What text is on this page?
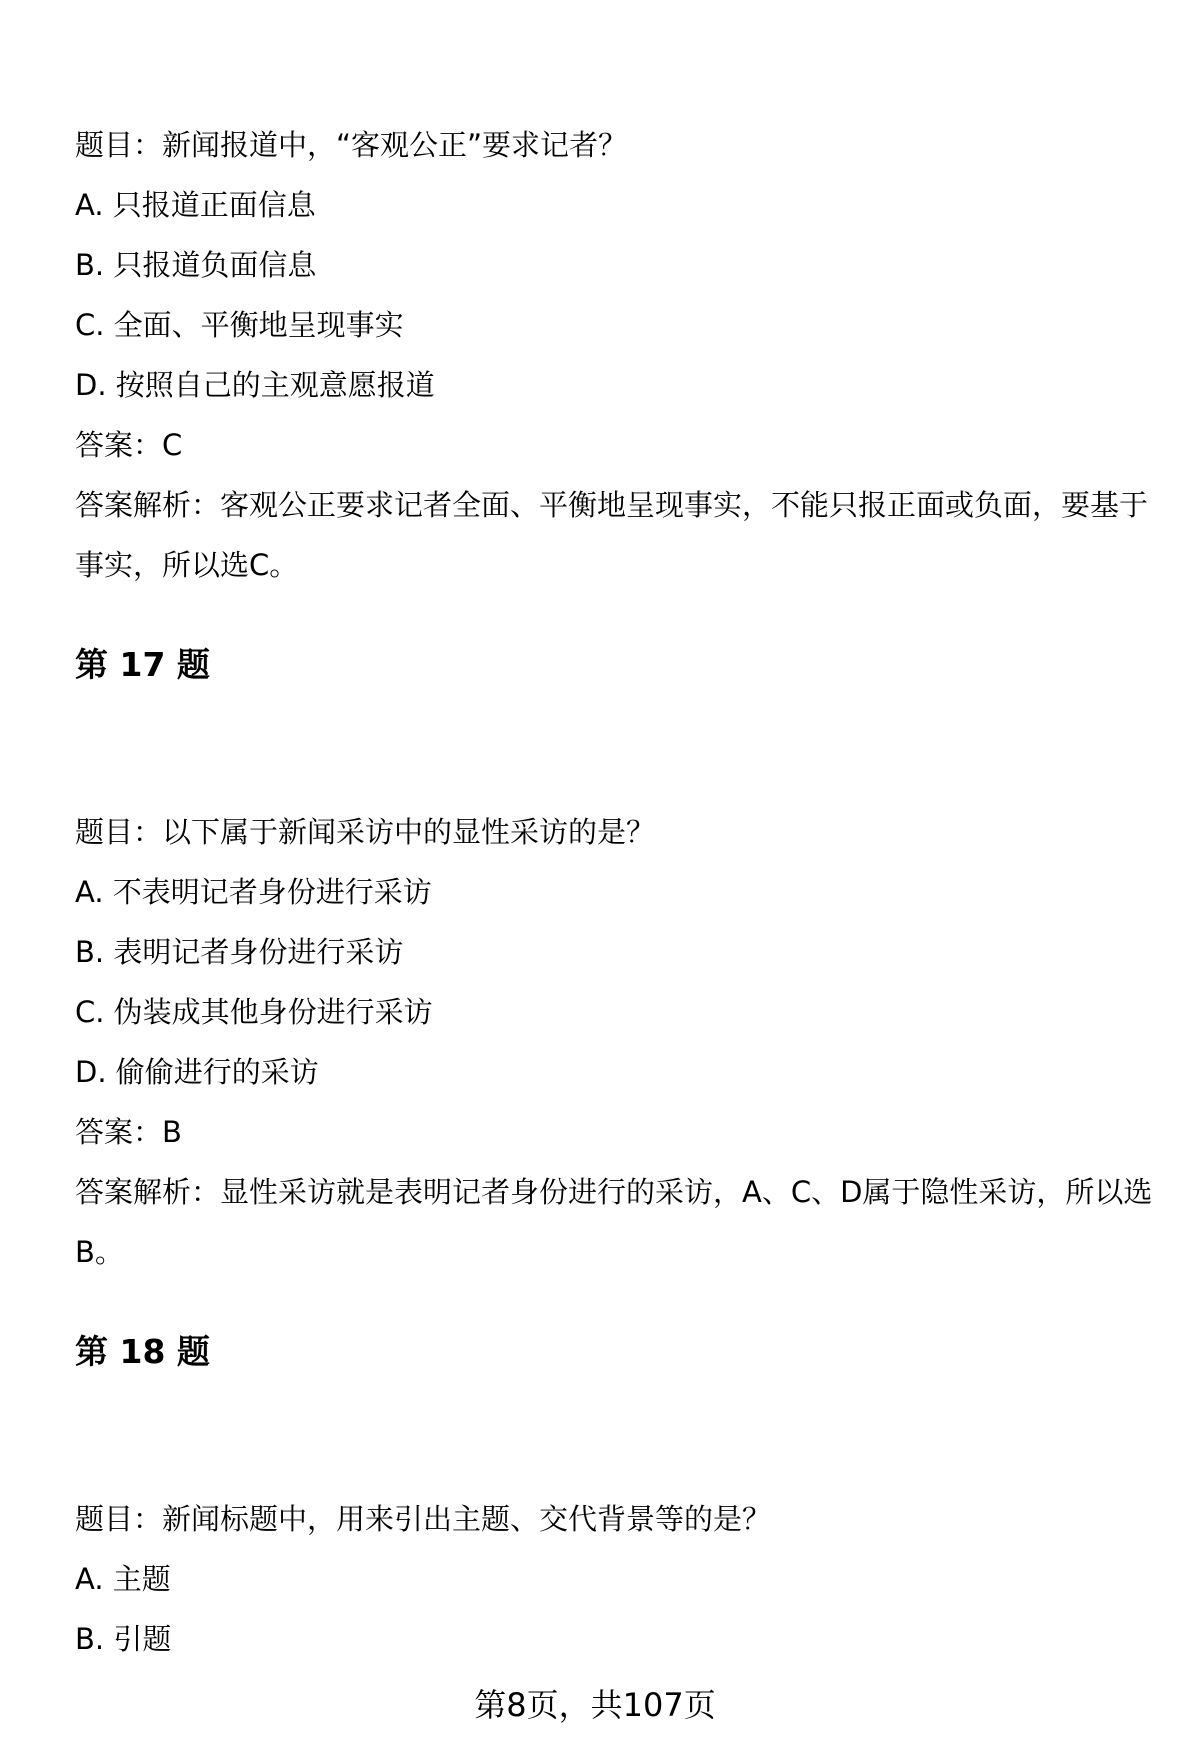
题目：新闻报道中，“客观公正”要求记者？
A. 只报道正面信息
B. 只报道负面信息
C. 全面、平衡地呈现事实
D. 按照自己的主观意愿报道
答案：C
答案解析：客观公正要求记者全面、平衡地呈现事实，不能只报正面或负面，要基于事实，所以选C。
第 17 题
题目：以下属于新闻采访中的显性采访的是？
A. 不表明记者身份进行采访
B. 表明记者身份进行采访
C. 伪装成其他身份进行采访
D. 偷偷进行的采访
答案：B
答案解析：显性采访就是表明记者身份进行的采访，A、C、D属于隐性采访，所以选B。
第 18 题
题目：新闻标题中，用来引出主题、交代背景等的是？
A. 主题
B. 引题
第8页，共107页
